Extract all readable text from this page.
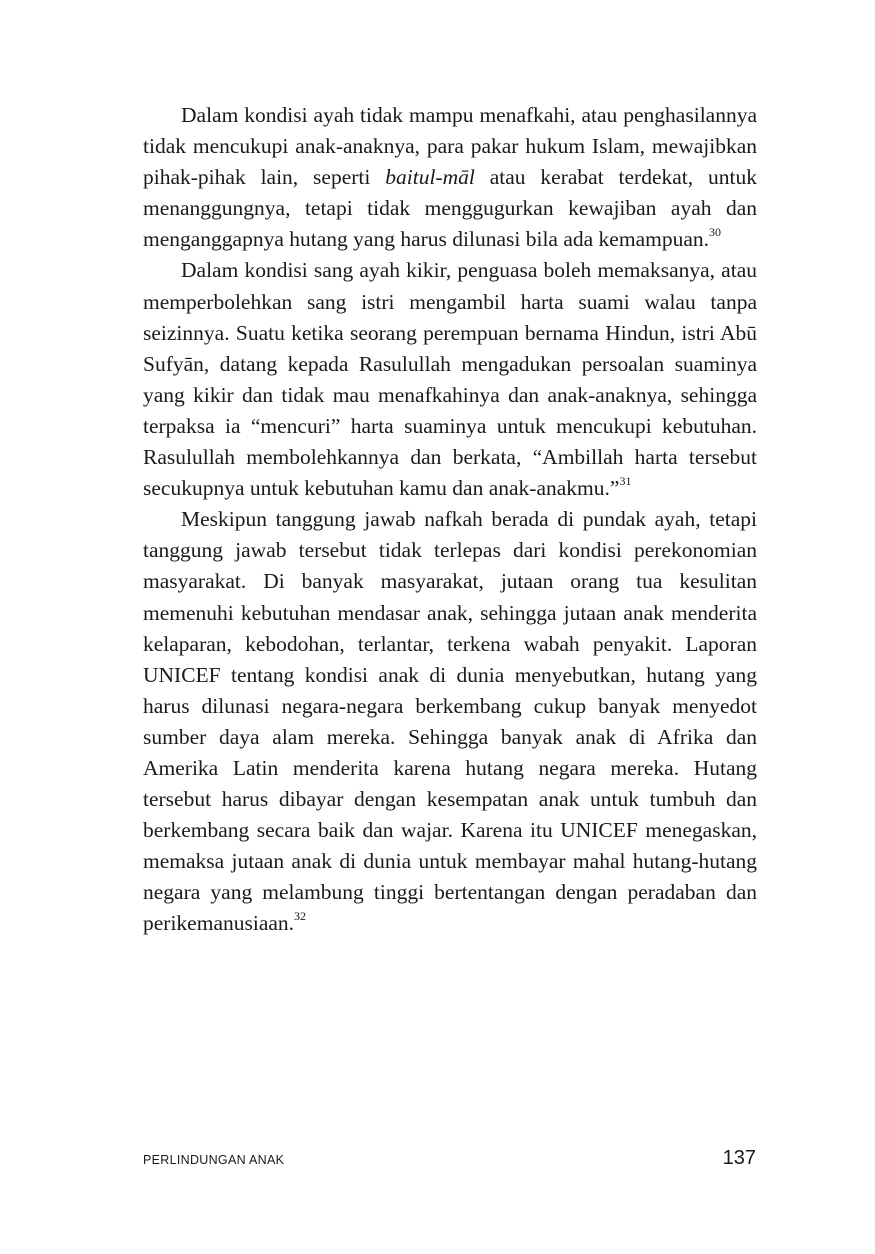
Dalam kondisi ayah tidak mampu menafkahi, atau penghasilannya tidak mencukupi anak-anaknya, para pakar hukum Islam, mewajibkan pihak-pihak lain, seperti baitul-māl atau kerabat terdekat, untuk menanggungnya, tetapi tidak menggugurkan kewajiban ayah dan menganggapnya hutang yang harus dilunasi bila ada kemampuan.$^{30}$

Dalam kondisi sang ayah kikir, penguasa boleh memaksanya, atau memperbolehkan sang istri mengambil harta suami walau tanpa seizinnya. Suatu ketika seorang perempuan bernama Hindun, istri Abū Sufyān, datang kepada Rasulullah mengadukan persoalan suaminya yang kikir dan tidak mau menafkahinya dan anak-anaknya, sehingga terpaksa ia “mencuri” harta suaminya untuk mencukupi kebutuhan. Rasulullah membolehkannya dan berkata, “Ambillah harta tersebut secukupnya untuk kebutuhan kamu dan anak-anakmu.”$^{31}$

Meskipun tanggung jawab nafkah berada di pundak ayah, tetapi tanggung jawab tersebut tidak terlepas dari kondisi perekonomian masyarakat. Di banyak masyarakat, jutaan orang tua kesulitan memenuhi kebutuhan mendasar anak, sehingga jutaan anak menderita kelaparan, kebodohan, terlantar, terkena wabah penyakit. Laporan UNICEF tentang kondisi anak di dunia menyebutkan, hutang yang harus dilunasi negara-negara berkembang cukup banyak menyedot sumber daya alam mereka. Sehingga banyak anak di Afrika dan Amerika Latin menderita karena hutang negara mereka. Hutang tersebut harus dibayar dengan kesempatan anak untuk tumbuh dan berkembang secara baik dan wajar. Karena itu UNICEF menegaskan, memaksa jutaan anak di dunia untuk membayar mahal hutang-hutang negara yang melambung tinggi bertentangan dengan peradaban dan perikemanusiaan.$^{32}$

PERLINDUNGAN ANAK	137
